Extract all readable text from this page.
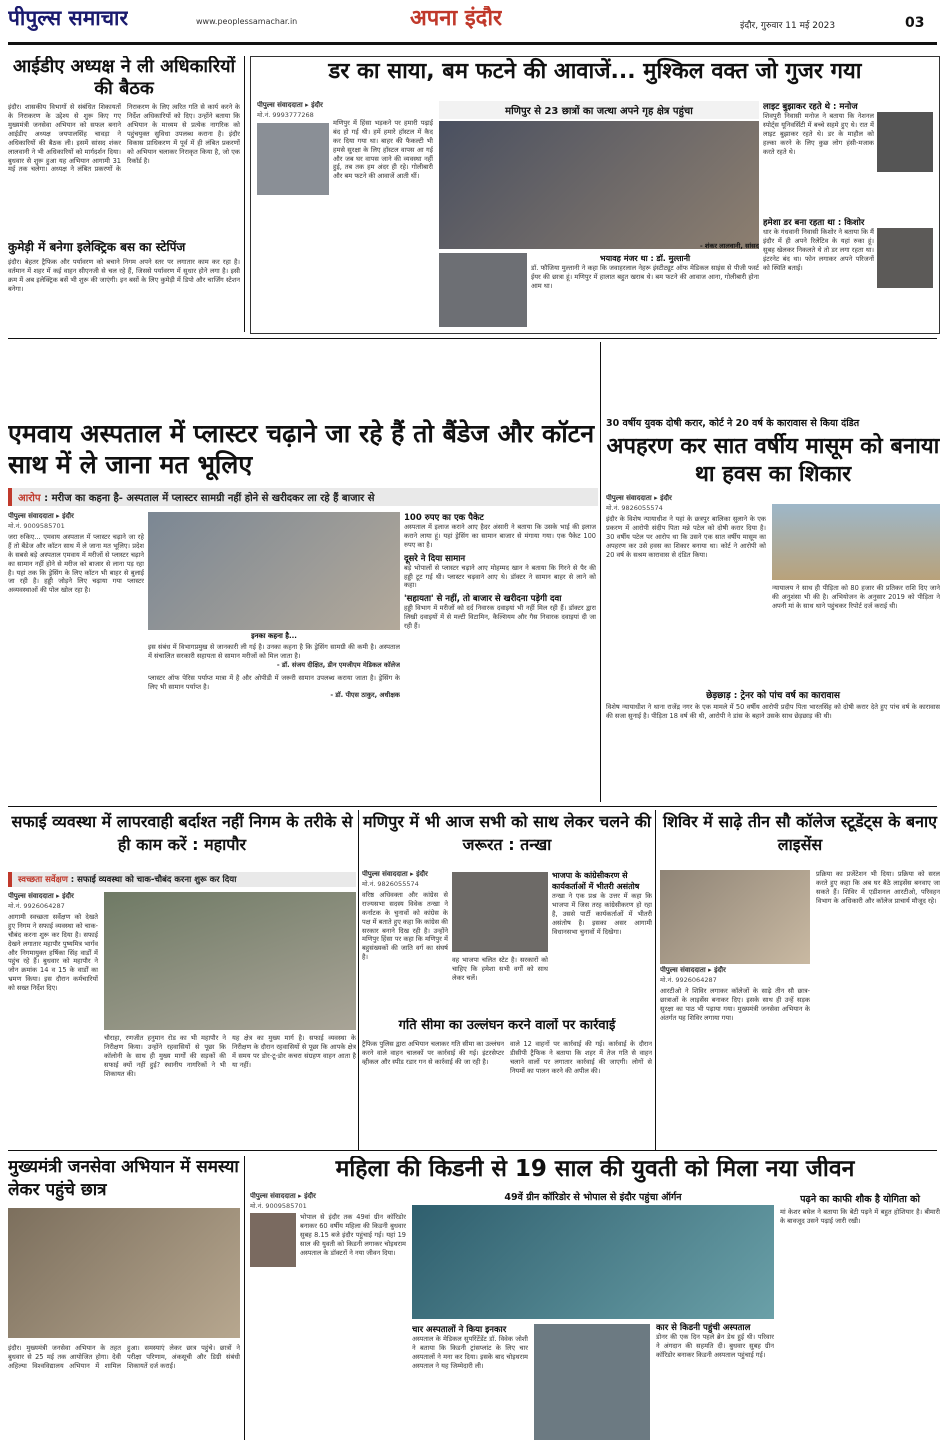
पीपुल्स समाचार	www.peoplessamachar.in	अपना इंदौर	इंदौर, गुरुवार 11 मई 2023	03
आईडीए अध्यक्ष ने ली अधिकारियों की बैठक
इंदौर। शासकीय विभागों से संबंधित शिकायतों के निराकरण के उद्देश्य से शुरू किए गए मुख्यमंत्री जनसेवा अभियान को सफल बनाने आईडीए अध्यक्ष जयपालसिंह चावड़ा ने अधिकारियों की बैठक ली। इसमें सांसद शंकर लालवानी ने भी अधिकारियों को मार्गदर्शन दिया। बुधवार से शुरू हुआ यह अभियान आगामी 31 मई तक चलेगा। अध्यक्ष ने लंबित प्रकरणों के निराकरण के लिए त्वरित गति से कार्य करने के निर्देश अधिकारियों को दिए। उन्होंने बताया कि अभियान के माध्यम से प्रत्येक नागरिक को पहुंचयुक्त सुविधा उपलब्ध कराना है। इंदौर विकास प्राधिकरण में पूर्व में ही लंबित प्रकरणों को अभियान चलाकर निराकृत किया है, जो एक रिकॉर्ड है।
कुमेड़ी में बनेगा इलेक्ट्रिक बस का स्टेपिंज
इंदौर। बेहतर ट्रैफिक और पर्यावरण को बचाने निगम अपने स्तर पर लगातार काम कर रहा है। वर्तमान में शहर में कई वाहन सीएनजी से चल रहे हैं, जिससे पर्यावरण में सुधार होने लगा है। इसी क्रम में अब इलेक्ट्रिक बसें भी शुरू की जाएंगी। इन बसों के लिए कुमेड़ी में डिपो और चार्जिंग स्टेशन बनेगा।
डर का साया, बम फटने की आवाजें... मुश्किल वक्त जो गुजर गया
पीपुल्स संवाददाता ▸ इंदौर
मो.नं. 9993777268
मणिपुर में हिंसा भड़कने पर हमारी पढ़ाई बंद हो गई थी। हमें हमारे हॉस्टल में कैद कर दिया गया था। बाहर की फैकल्टी भी हमसे सुरक्षा के लिए हॉस्टल वापस आ गई और जब घर वापस जाने की व्यवस्था नहीं हुई, तब तक हम अंदर ही रहे। गोलीबारी और बम फटने की आवाजें आती थीं।
मणिपुर से 23 छात्रों का जत्था अपने गृह क्षेत्र पहुंचा
भयावह मंजर था : डॉ. मुल्तानी
डॉ. फौजिया मुल्तानी ने कहा कि जवाहरलाल नेहरू इंस्टीट्यूट ऑफ मेडिकल साइंस से पीजी फर्स्ट ईयर की छात्रा हूं। मणिपुर में हालात बहुत खराब थे। बम फटने की आवाज आना, गोलीबारी होना आम था।
लाइट बुझाकर रहते थे : मनोज
शिवपुरी निवासी मनोज ने बताया कि नेशनल स्पोर्ट्स यूनिवर्सिटी में बच्चे सहमे हुए थे। रात में लाइट बुझाकर रहते थे। डर के माहौल को हल्का करने के लिए कुछ लोग हंसी-मजाक करते रहते थे।
हमेशा डर बना रहता था : किशोर
धार के गंधवानी निवासी किशोर ने बताया कि मैं इंदौर में ही अपने रिलेटिव के यहां रुका हूं। सुबह खेलकर निकलते थे तो डर लगा रहता था। इंटरनेट बंद था। फोन लगाकर अपने परिजनों को स्थिति बताई।
- शंकर लालवानी, सांसद
एमवाय अस्पताल में प्लास्टर चढ़ाने जा रहे हैं तो बैंडेज और कॉटन साथ में ले जाना मत भूलिए
आरोप : मरीज का कहना है- अस्पताल में प्लास्टर सामग्री नहीं होने से खरीदकर ला रहे हैं बाजार से
पीपुल्स संवाददाता ▸ इंदौर
मो.नं. 9009585701
जरा रुकिए... एमवाय अस्पताल में प्लास्टर चढ़ाने जा रहे हैं तो बैंडेज और कॉटन साथ में ले जाना मत भूलिए। प्रदेश के सबसे बड़े अस्पताल एमवाय में मरीजों से प्लास्टर चढ़ाने का सामान नहीं होने से मरीज को बाजार से लाना पड़ रहा है। यहां तक कि ड्रेसिंग के लिए कॉटन भी बाहर से बुलाई जा रही है। हड्डी जोड़ने लिए चढ़ाया गया प्लास्टर अव्यवस्थाओं की पोल खोल रहा है।
इनका कहना है...
इस संबंध में विभागप्रमुख से जानकारी ली गई है। उनका कहना है कि ड्रेसिंग सामग्री की कमी है। अस्पताल में संचालित सरकारी सहायता से सामान मरीजों को मिल जाता है।
- डॉ. संजय दीक्षित, डीन एमजीएम मेडिकल कॉलेज
प्लास्टर ऑफ पेरिस पर्याप्त मात्रा में है और ओपीडी में जरूरी सामान उपलब्ध कराया जाता है। ड्रेसिंग के लिए भी सामान पर्याप्त है।
- डॉ. पीएस ठाकुर, अधीक्षक
100 रुपए का एक पैकेट
अस्पताल में इलाज कराने आए हैदर अंसारी ने बताया कि उसके भाई की इलाज कराने लाया हूं। यहां ड्रेसिंग का सामान बाजार से मंगाया गया। एक पैकेट 100 रुपए का है।
दूसरे ने दिया सामान
बड़े भोपालों से प्लास्टर चढ़ाने आए मोहम्मद खान ने बताया कि गिरने से पैर की हड्डी टूट गई थी। प्लास्टर चढ़वाने आए थे। डॉक्टर ने सामान बाहर से लाने को कहा।
'सहायता' से नहीं, तो बाजार से खरीदना पड़ेगी दवा
हड्डी विभाग में मरीजों को दर्द निवारक दवाइयां भी नहीं मिल रही हैं। डॉक्टर द्वारा लिखी दवाइयों में से मल्टी विटामिन, कैल्शियम और गैस निवारक दवाइयां दी जा रही हैं।
30 वर्षीय युवक दोषी करार, कोर्ट ने 20 वर्ष के कारावास से किया दंडित
अपहरण कर सात वर्षीय मासूम को बनाया था हवस का शिकार
पीपुल्स संवाददाता ▸ इंदौर
मो.नं. 9826055574
इंदौर के विशेष न्यायाधीश ने यहां के छत्रपुर बालिका सुलाने के एक प्रकरण में आरोपी संदीप पिता मन्ने पटेल को दोषी करार दिया है। 30 वर्षीय पटेल पर आरोप था कि उसने एक सात वर्षीय मासूम का अपहरण कर उसे हवस का शिकार बनाया था। कोर्ट ने आरोपी को 20 वर्ष के सश्रम कारावास से दंडित किया।
न्यायालय ने साथ ही पीड़िता को 80 हजार की प्रतिकर राशि दिए जाने की अनुशंसा भी की है। अभियोजन के अनुसार 2019 को पीड़िता ने अपनी मां के साथ थाने पहुंचकर रिपोर्ट दर्ज कराई थी।
छेड़छाड़ : ट्रेनर को पांच वर्ष का कारावास
विशेष न्यायाधीश ने थाना राजेंद्र नगर के एक मामले में 50 वर्षीय आरोपी प्रदीप पिता भारतसिंह को दोषी करार देते हुए पांच वर्ष के कारावास की सजा सुनाई है। पीड़िता 18 वर्ष की थी, आरोपी ने डांस के बहाने उसके साथ छेड़छाड़ की थी।
सफाई व्यवस्था में लापरवाही बर्दाश्त नहीं निगम के तरीके से ही काम करें : महापौर
स्वच्छता सर्वेक्षण : सफाई व्यवस्था को चाक-चौबंद करना शुरू कर दिया
पीपुल्स संवाददाता ▸ इंदौर
मो.नं. 9926064287
आगामी स्वच्छता सर्वेक्षण को देखते हुए निगम ने सफाई व्यवस्था को चाक-चौबंद करना शुरू कर दिया है। सफाई देखने लगातार महापौर पुष्यमित्र भार्गव और निगमायुक्त हर्षिका सिंह वार्डों में पहुंच रहे हैं। बुधवार को महापौर ने जोन क्रमांक 14 व 15 के वार्डों का भ्रमण किया। इस दौरान कर्मचारियों को सख्त निर्देश दिए।
चौराहा, रणजीत हनुमान रोड का भी महापौर ने निरीक्षण किया। उन्होंने रहवासियों से पूछा कि कॉलोनी के साथ ही मुख्य मार्गों की सड़कों की सफाई क्यों नहीं हुई? स्थानीय नागरिकों ने भी शिकायत की।
यह क्षेत्र का मुख्य मार्ग है। सफाई व्यवस्था के निरीक्षण के दौरान रहवासियों से पूछा कि आपके क्षेत्र में समय पर डोर-टू-डोर कचरा संग्रहण वाहन आता है या नहीं।
मणिपुर में भी आज सभी को साथ लेकर चलने की जरूरत : तन्खा
पीपुल्स संवाददाता ▸ इंदौर
मो.नं. 9826055574
वरिष्ठ अधिवक्ता और कांग्रेस से राज्यसभा सदस्य विवेक तन्खा ने कर्नाटक के चुनावों को कांग्रेस के पक्ष में बताते हुए कहा कि कांग्रेस की सरकार बनाने दिख रही है। उन्होंने मणिपुर हिंसा पर कहा कि मणिपुर में बहुसंख्यकों की जाति वर्ग का संघर्ष है।	वह भाजपा चलित स्टेट है। सरकारों को चाहिए कि हमेशा सभी वर्गों को साथ लेकर चलें।
भाजपा के कांग्रेसीकरण से कार्यकर्ताओं में भीतरी असंतोष
तन्खा ने एक प्रश्न के उत्तर में कहा कि भाजपा में जिस तरह कांग्रेसीकरण हो रहा है, उससे पार्टी कार्यकर्ताओं में भीतरी असंतोष है। इसका असर आगामी विधानसभा चुनावों में दिखेगा।
गति सीमा का उल्लंघन करने वालों पर कार्रवाई
ट्रैफिक पुलिस द्वारा अभियान चलाकर गति सीमा का उल्लंघन करने वाले वाहन चालकों पर कार्रवाई की गई। इंटरसेप्टर व्हीकल और स्पीड रडार गन से कार्रवाई की जा रही है।
वाले 12 वाहनों पर कार्रवाई की गई। कार्रवाई के दौरान डीसीपी ट्रैफिक ने बताया कि शहर में तेज गति से वाहन चलाने वालों पर लगातार कार्रवाई की जाएगी। लोगों से नियमों का पालन करने की अपील की।
शिविर में साढ़े तीन सौ कॉलेज स्टूडेंट्स के बनाए लाइसेंस
पीपुल्स संवाददाता ▸ इंदौर
मो.नं. 9926064287
आरटीओ ने शिविर लगाकर कॉलेजों के साढ़े तीन सौ छात्र-छात्राओं के लाइसेंस बनाकर दिए। इसके साथ ही उन्हें सड़क सुरक्षा का पाठ भी पढ़ाया गया। मुख्यमंत्री जनसेवा अभियान के अंतर्गत यह शिविर लगाया गया।
प्रक्रिया का प्रजेंटेशन भी दिया। प्रक्रिया को सरल करते हुए कहा कि अब घर बैठे लाइसेंस बनवाए जा सकते हैं। शिविर में एडीशनल आरटीओ, परिवहन विभाग के अधिकारी और कॉलेज प्राचार्य मौजूद रहे।
मुख्यमंत्री जनसेवा अभियान में समस्या लेकर पहुंचे छात्र
इंदौर। मुख्यमंत्री जनसेवा अभियान के तहत बुधवार से 25 मई तक आयोजित होगा। देवी अहिल्या विश्वविद्यालय अभियान में शामिल हुआ। समस्याएं लेकर छात्र पहुंचे। छात्रों ने परीक्षा परिणाम, अंकसूची और डिग्री संबंधी शिकायतें दर्ज कराईं।
महिला की किडनी से 19 साल की युवती को मिला नया जीवन
पीपुल्स संवाददाता ▸ इंदौर
मो.नं. 9009585701
भोपाल से इंदौर तक 49वां ग्रीन कॉरिडोर बनाकर 60 वर्षीय महिला की किडनी बुधवार सुबह 8.15 बजे इंदौर पहुंचाई गई। यहां 19 साल की युवती को किडनी लगाकर चोइथराम अस्पताल के डॉक्टरों ने नया जीवन दिया।
49वें ग्रीन कॉरिडोर से भोपाल से इंदौर पहुंचा ऑर्गन
चार अस्पतालों ने किया इनकार
अस्पताल के मेडिकल सुपरिंटेंडेंट डॉ. विवेक जोशी ने बताया कि किडनी ट्रांसप्लांट के लिए चार अस्पतालों ने मना कर दिया। इसके बाद चोइथराम अस्पताल ने यह जिम्मेदारी ली।
कार से किडनी पहुंची अस्पताल
डोनर की एक दिन पहले ब्रेन डेथ हुई थी। परिवार ने अंगदान की सहमति दी। बुधवार सुबह ग्रीन कॉरिडोर बनाकर किडनी अस्पताल पहुंचाई गई।
पढ़ने का काफी शौक है योगिता को
मां केशर बघेल ने बताया कि बेटी पढ़ने में बहुत होशियार है। बीमारी के बावजूद उसने पढ़ाई जारी रखी।
